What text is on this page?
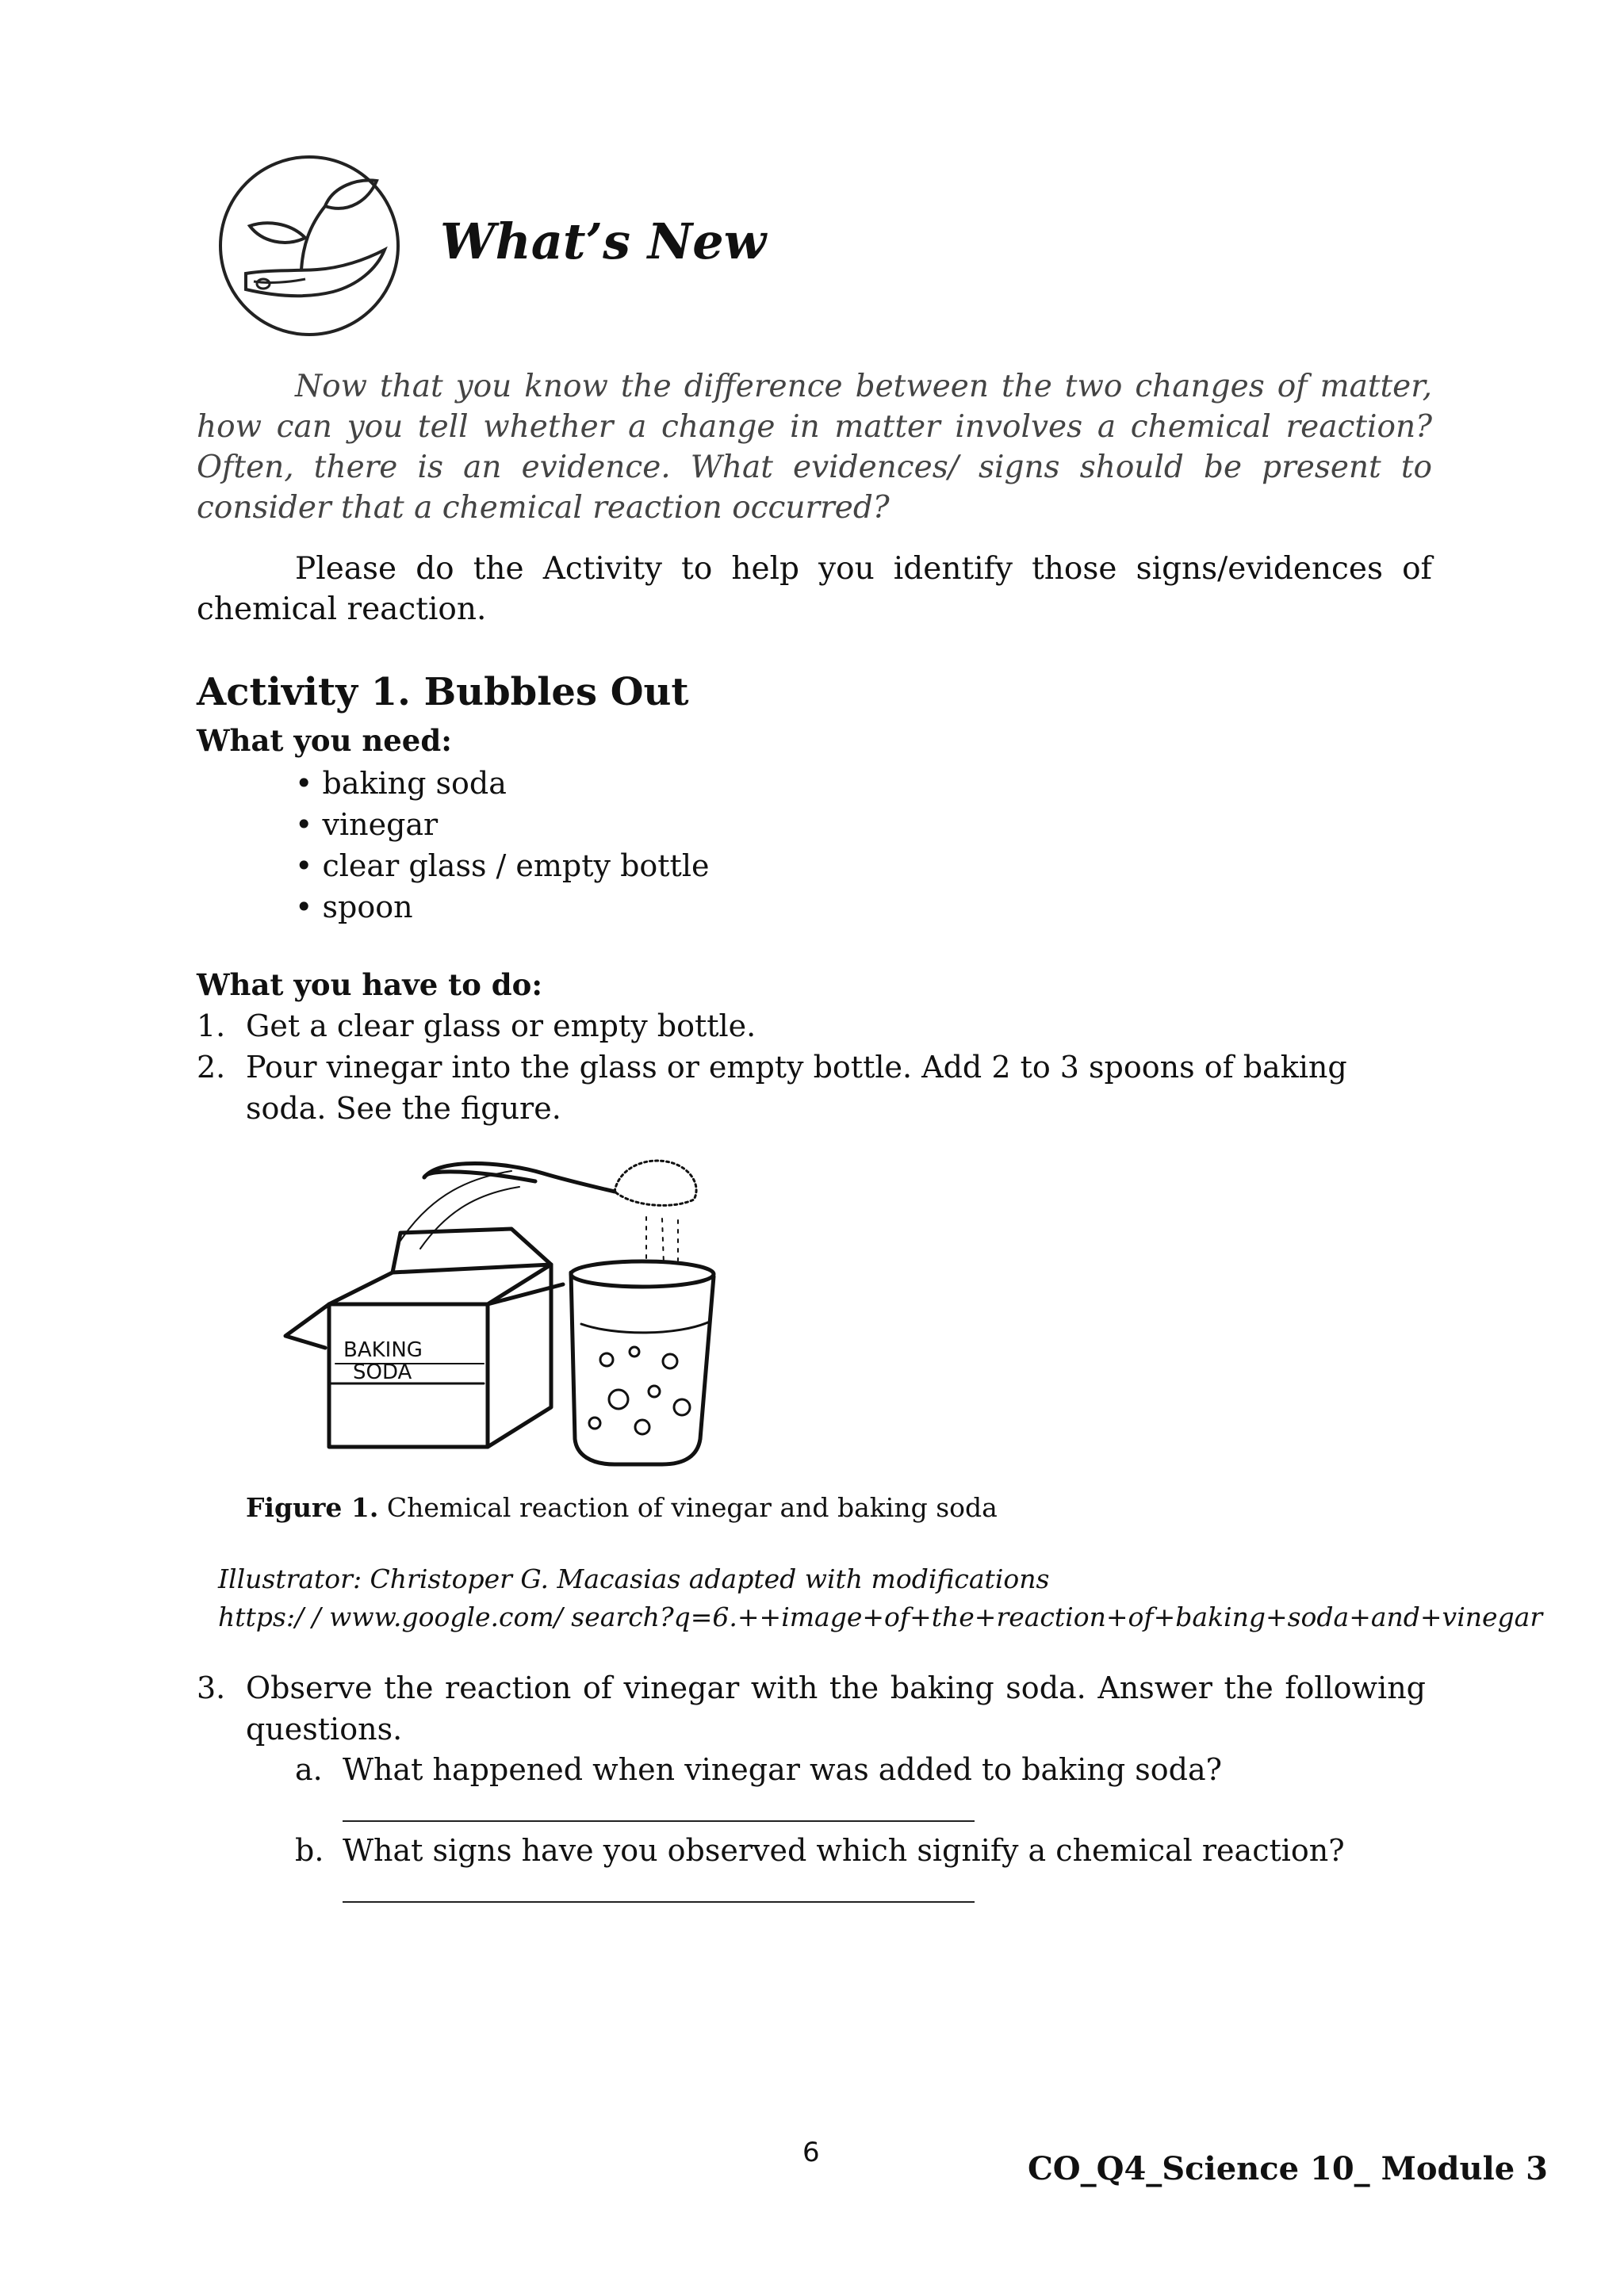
What’s New
Now that you know the difference between the two changes of matter, how can you tell whether a change in matter involves a chemical reaction? Often, there is an evidence. What evidences/ signs should be present to consider that a chemical reaction occurred?
Please do the Activity to help you identify those signs/evidences of chemical reaction.
Activity 1. Bubbles Out
What you need:
• baking soda
• vinegar
• clear glass / empty bottle
• spoon
What you have to do:
1. Get a clear glass or empty bottle.
2. Pour vinegar into the glass or empty bottle. Add 2 to 3 spoons of baking soda. See the figure.
BAKING
SODA
Figure 1. Chemical reaction of vinegar and baking soda
Illustrator: Christoper G. Macasias adapted with modifications
https:/ / www.google.com/ search?q=6.++image+of+the+reaction+of+baking+soda+and+vinegar
3. Observe the reaction of vinegar with the baking soda. Answer the following questions.
a. What happened when vinegar was added to baking soda?
b. What signs have you observed which signify a chemical reaction?
6	CO_Q4_Science 10_ Module 3
